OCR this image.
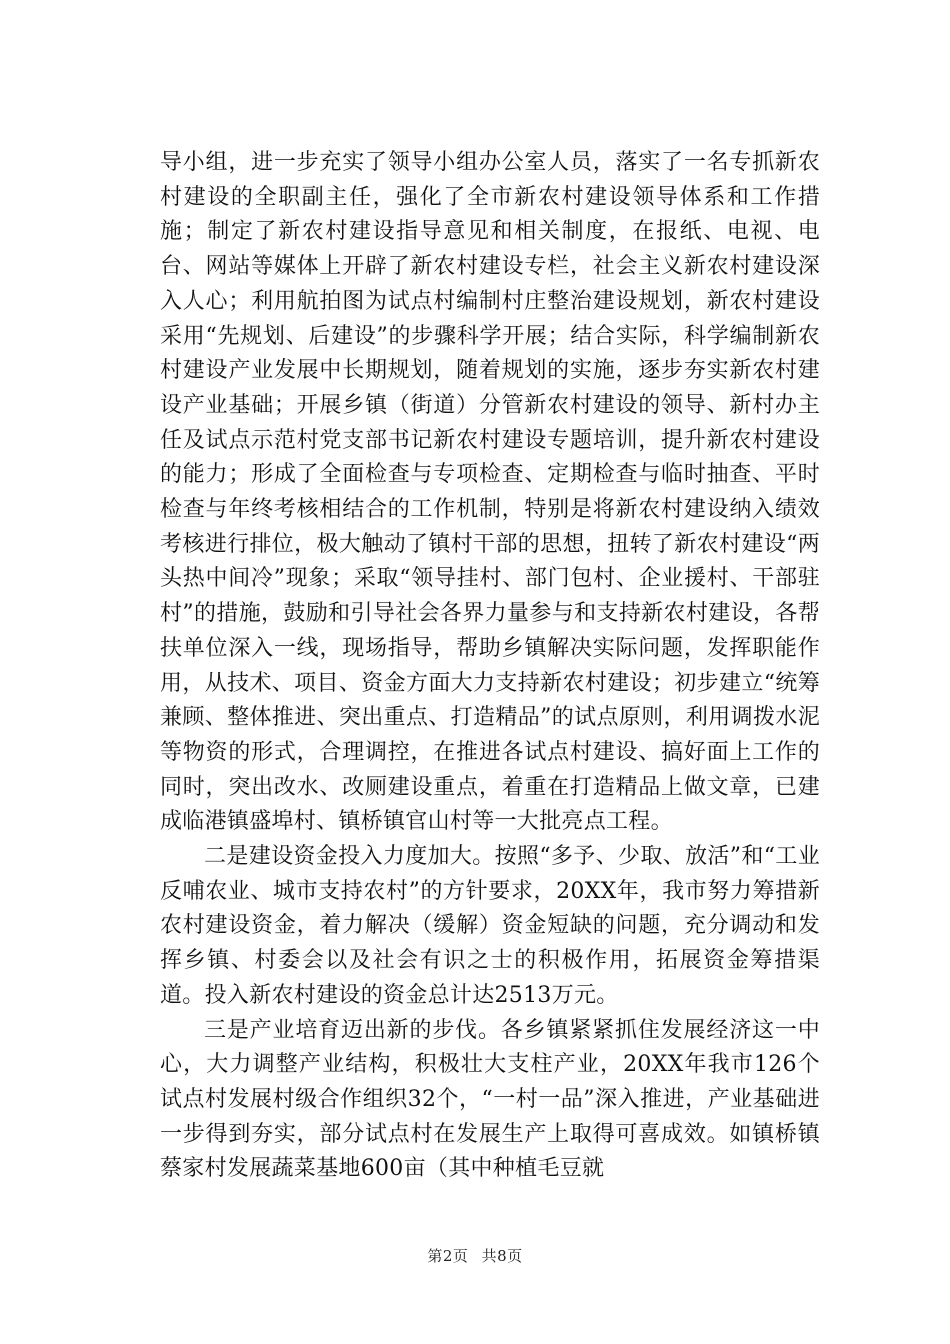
导小组，进一步充实了领导小组办公室人员，落实了一名专抓新农村建设的全职副主任，强化了全市新农村建设领导体系和工作措施；制定了新农村建设指导意见和相关制度，在报纸、电视、电台、网站等媒体上开辟了新农村建设专栏，社会主义新农村建设深入人心；利用航拍图为试点村编制村庄整治建设规划，新农村建设采用“先规划、后建设”的步骤科学开展；结合实际，科学编制新农村建设产业发展中长期规划，随着规划的实施，逐步夯实新农村建设产业基础；开展乡镇（街道）分管新农村建设的领导、新村办主任及试点示范村党支部书记新农村建设专题培训，提升新农村建设的能力；形成了全面检查与专项检查、定期检查与临时抽查、平时检查与年终考核相结合的工作机制，特别是将新农村建设纳入绩效考核进行排位，极大触动了镇村干部的思想，扭转了新农村建设“两头热中间冷”现象；采取“领导挂村、部门包村、企业援村、干部驻村”的措施，鼓励和引导社会各界力量参与和支持新农村建设，各帮扶单位深入一线，现场指导，帮助乡镇解决实际问题，发挥职能作用，从技术、项目、资金方面大力支持新农村建设；初步建立“统筹兼顾、整体推进、突出重点、打造精品”的试点原则，利用调拨水泥等物资的形式，合理调控，在推进各试点村建设、搞好面上工作的同时，突出改水、改厕建设重点，着重在打造精品上做文章，已建成临港镇盛埠村、镇桥镇官山村等一大批亮点工程。

二是建设资金投入力度加大。按照“多予、少取、放活”和“工业反哺农业、城市支持农村”的方针要求，20XX年，我市努力筹措新农村建设资金，着力解决（缓解）资金短缺的问题，充分调动和发挥乡镇、村委会以及社会有识之士的积极作用，拓展资金筹措渠道。投入新农村建设的资金总计达2513万元。

三是产业培育迈出新的步伐。各乡镇紧紧抓住发展经济这一中心，大力调整产业结构，积极壮大支柱产业，20XX年我市126个试点村发展村级合作组织32个，“一村一品”深入推进，产业基础进一步得到夯实，部分试点村在发展生产上取得可喜成效。如镇桥镇蔡家村发展蔬菜基地600亩（其中种植毛豆就

第2页 共8页
